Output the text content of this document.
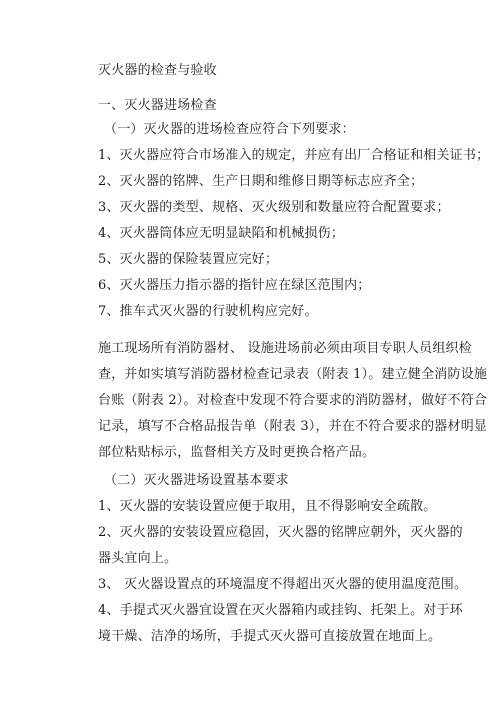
灭火器的检查与验收
一、灭火器进场检查
（一）灭火器的进场检查应符合下列要求：
1、灭火器应符合市场准入的规定，并应有出厂合格证和相关证书；
2、灭火器的铭牌、生产日期和维修日期等标志应齐全；
3、灭火器的类型、规格、灭火级别和数量应符合配置要求；
4、灭火器筒体应无明显缺陷和机械损伤；
5、灭火器的保险装置应完好；
6、灭火器压力指示器的指针应在绿区范围内；
7、推车式灭火器的行驶机构应完好。
施工现场所有消防器材、 设施进场前必须由项目专职人员组织检
查，并如实填写消防器材检查记录表（附表 1）。建立健全消防设施
台账（附表 2）。对检查中发现不符合要求的消防器材，做好不符合
记录，填写不合格品报告单（附表 3），并在不符合要求的器材明显
部位粘贴标示，监督相关方及时更换合格产品。
（二）灭火器进场设置基本要求
1、灭火器的安装设置应便于取用，且不得影响安全疏散。
2、灭火器的安装设置应稳固，灭火器的铭牌应朝外，灭火器的
器头宜向上。
3、 灭火器设置点的环境温度不得超出灭火器的使用温度范围。
4、手提式灭火器宜设置在灭火器箱内或挂钩、托架上。对于环
境干燥、洁净的场所，手提式灭火器可直接放置在地面上。
